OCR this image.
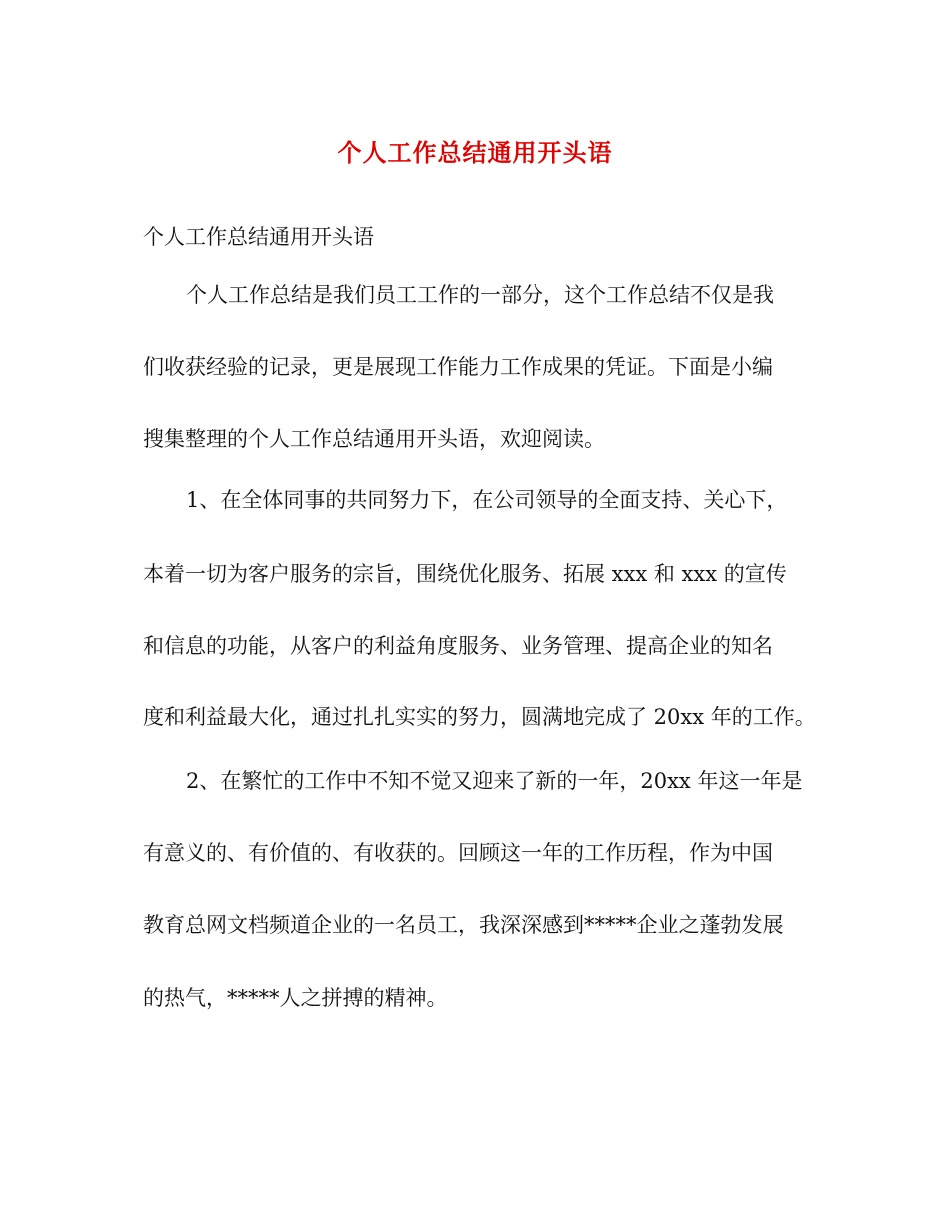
个人工作总结通用开头语
个人工作总结通用开头语
个人工作总结是我们员工工作的一部分，这个工作总结不仅是我
们收获经验的记录，更是展现工作能力工作成果的凭证。下面是小编
搜集整理的个人工作总结通用开头语，欢迎阅读。
1、在全体同事的共同努力下，在公司领导的全面支持、关心下，
本着一切为客户服务的宗旨，围绕优化服务、拓展 xxx 和 xxx 的宣传
和信息的功能，从客户的利益角度服务、业务管理、提高企业的知名
度和利益最大化，通过扎扎实实的努力，圆满地完成了 20xx 年的工作。
2、在繁忙的工作中不知不觉又迎来了新的一年，20xx 年这一年是
有意义的、有价值的、有收获的。回顾这一年的工作历程，作为中国
教育总网文档频道企业的一名员工，我深深感到*****企业之蓬勃发展
的热气，*****人之拼搏的精神。
